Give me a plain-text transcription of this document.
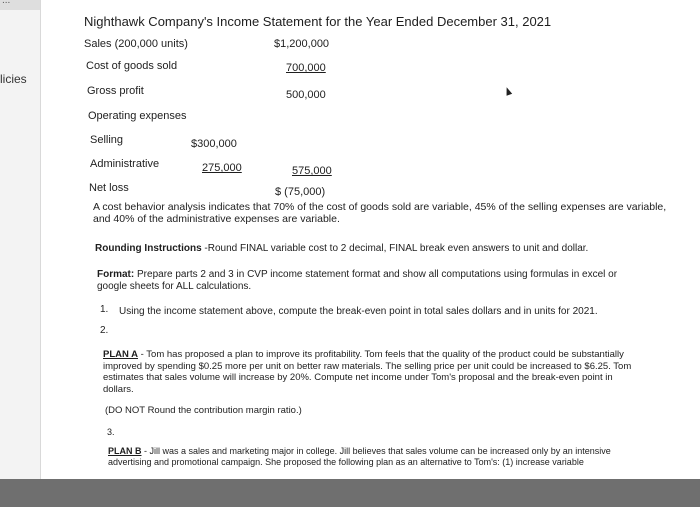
...
licies
Nighthawk Company's Income Statement for the Year Ended December 31, 2021
Sales (200,000 units)	$1,200,000
Cost of goods sold	700,000
Gross profit	500,000
Operating expenses
Selling	$300,000
Administrative	275,000	575,000
Net loss	$ (75,000)
A cost behavior analysis indicates that 70% of the cost of goods sold are variable, 45% of the selling expenses are variable, and 40% of the administrative expenses are variable.
Rounding Instructions -Round FINAL variable cost to 2 decimal, FINAL break even answers to unit and dollar.
Format: Prepare parts 2 and 3 in CVP income statement format and show all computations using formulas in excel or google sheets for ALL calculations.
1. Using the income statement above, compute the break-even point in total sales dollars and in units for 2021.
2.
PLAN A - Tom has proposed a plan to improve its profitability. Tom feels that the quality of the product could be substantially improved by spending $0.25 more per unit on better raw materials. The selling price per unit could be increased to $6.25. Tom estimates that sales volume will increase by 20%. Compute net income under Tom's proposal and the break-even point in dollars.
(DO NOT Round the contribution margin ratio.)
3.
PLAN B - Jill was a sales and marketing major in college. Jill believes that sales volume can be increased only by an intensive advertising and promotional campaign. She proposed the following plan as an alternative to Tom's: (1) increase variable
